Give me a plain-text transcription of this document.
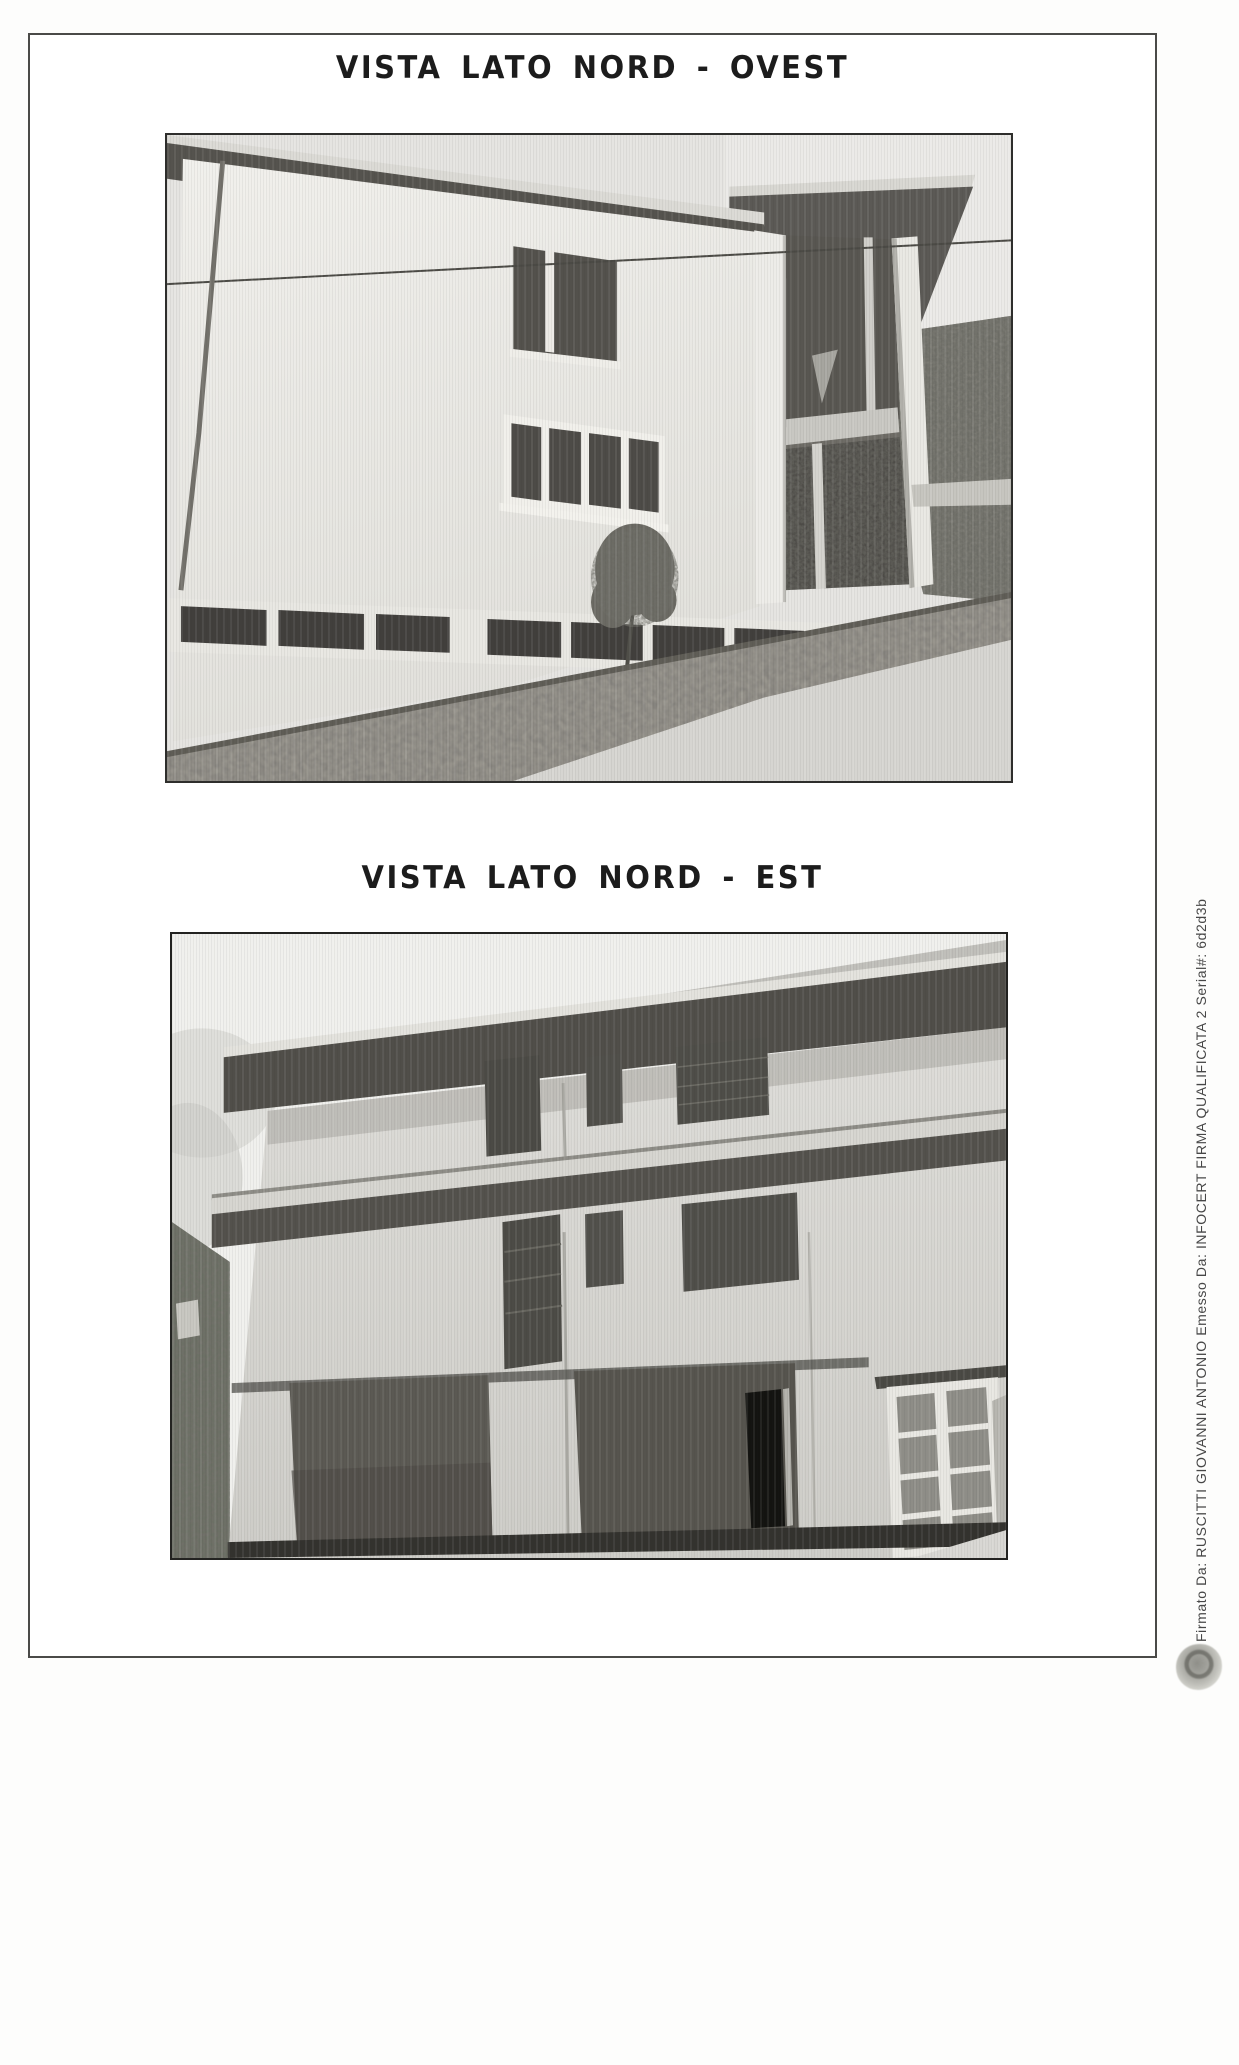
VISTA LATO NORD - OVEST
VISTA LATO NORD - EST
Firmato Da: RUSCITTI GIOVANNI ANTONIO Emesso Da: INFOCERT FIRMA QUALIFICATA 2 Serial#: 6d2d3b
